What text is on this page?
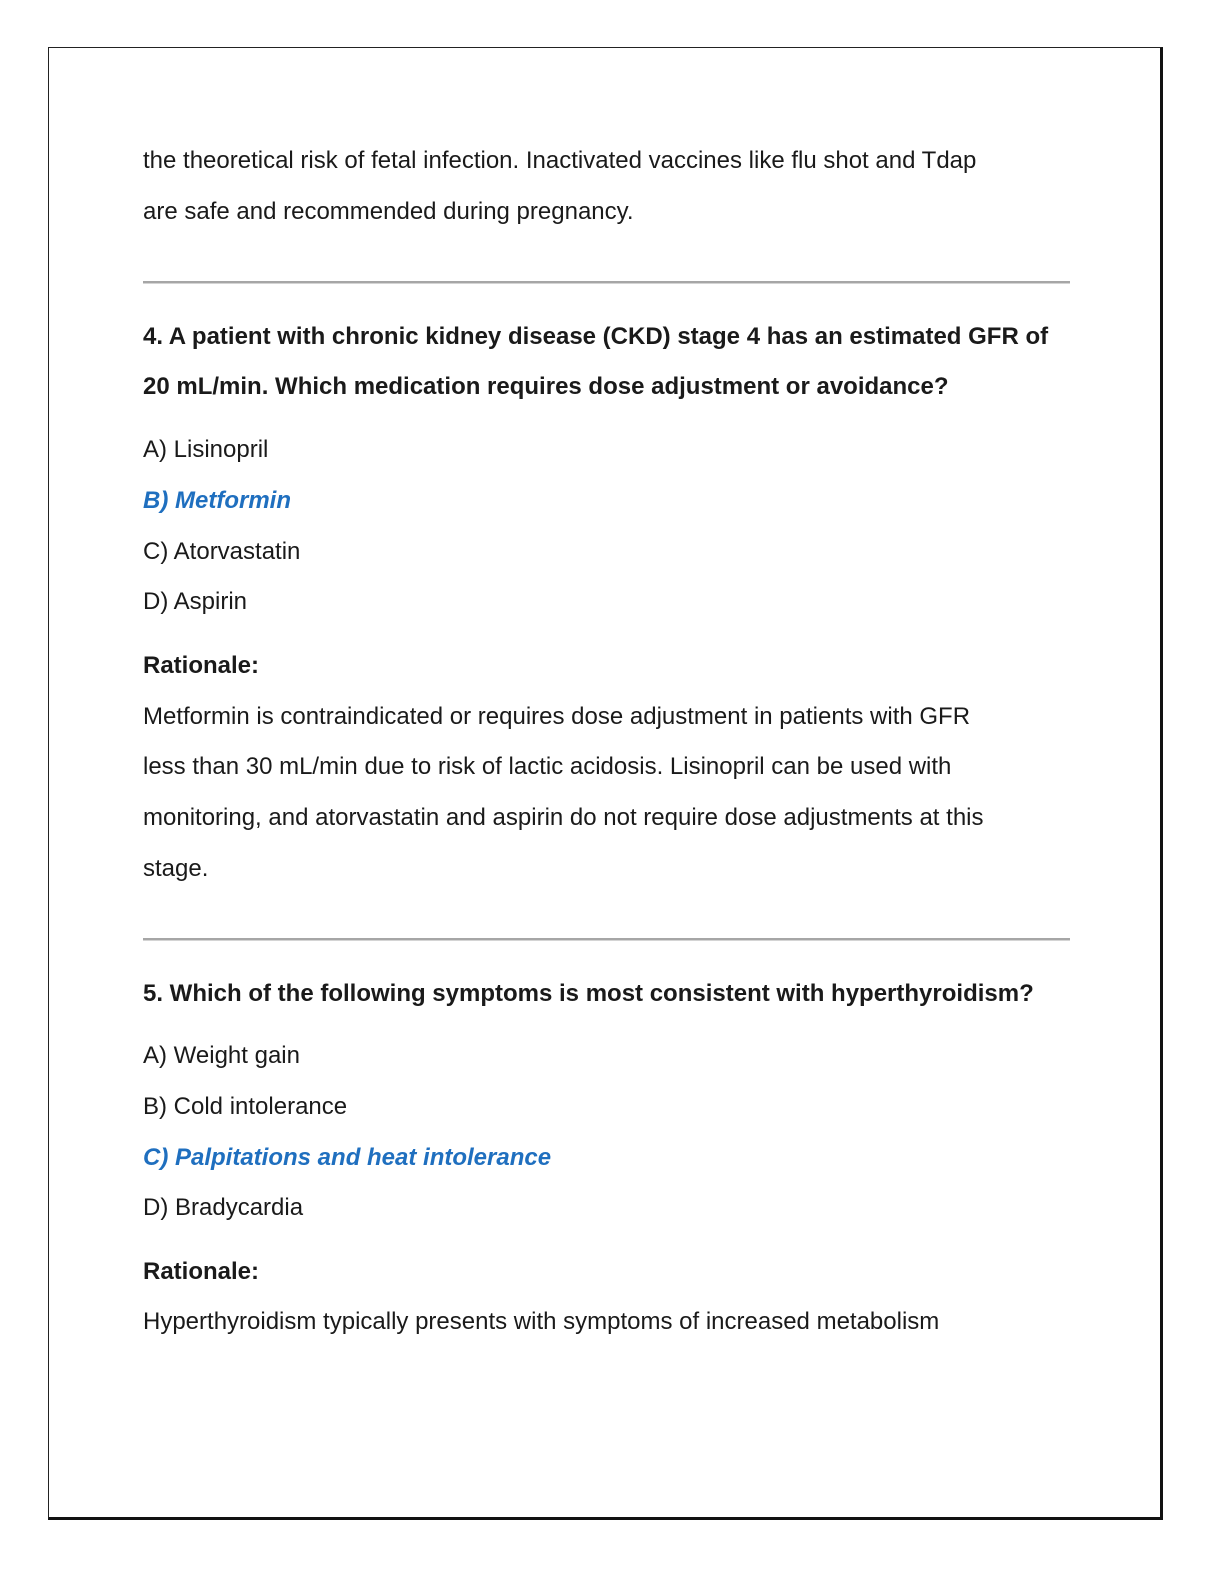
the theoretical risk of fetal infection. Inactivated vaccines like flu shot and Tdap
are safe and recommended during pregnancy.
4. A patient with chronic kidney disease (CKD) stage 4 has an estimated GFR of
20 mL/min. Which medication requires dose adjustment or avoidance?
A) Lisinopril
B) Metformin
C) Atorvastatin
D) Aspirin
Rationale:
Metformin is contraindicated or requires dose adjustment in patients with GFR
less than 30 mL/min due to risk of lactic acidosis. Lisinopril can be used with
monitoring, and atorvastatin and aspirin do not require dose adjustments at this
stage.
5. Which of the following symptoms is most consistent with hyperthyroidism?
A) Weight gain
B) Cold intolerance
C) Palpitations and heat intolerance
D) Bradycardia
Rationale:
Hyperthyroidism typically presents with symptoms of increased metabolism
